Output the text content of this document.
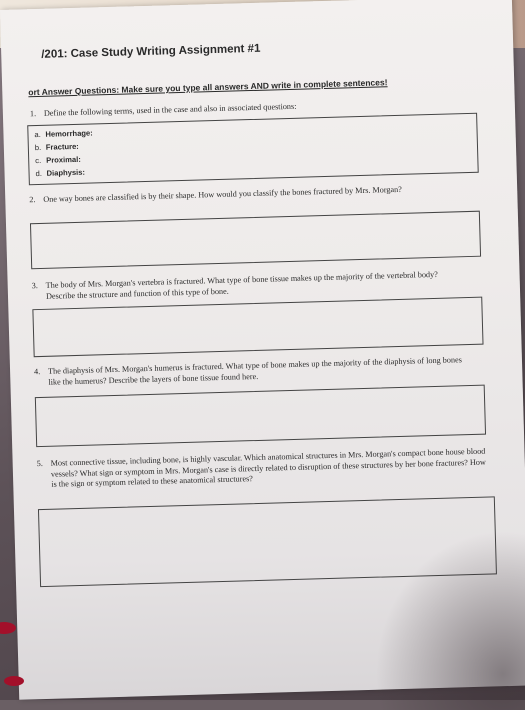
/201: Case Study Writing Assignment #1
ort Answer Questions: Make sure you type all answers AND write in complete sentences!
1. Define the following terms, used in the case and also in associated questions:
a. Hemorrhage:
b. Fracture:
c. Proximal:
d. Diaphysis:
2. One way bones are classified is by their shape. How would you classify the bones fractured by Mrs. Morgan?
3. The body of Mrs. Morgan's vertebra is fractured. What type of bone tissue makes up the majority of the vertebral body? Describe the structure and function of this type of bone.
4. The diaphysis of Mrs. Morgan's humerus is fractured. What type of bone makes up the majority of the diaphysis of long bones like the humerus? Describe the layers of bone tissue found here.
5. Most connective tissue, including bone, is highly vascular. Which anatomical structures in Mrs. Morgan's compact bone house blood vessels? What sign or symptom in Mrs. Morgan's case is directly related to disruption of these structures by her bone fractures? How is the sign or symptom related to these anatomical structures?
